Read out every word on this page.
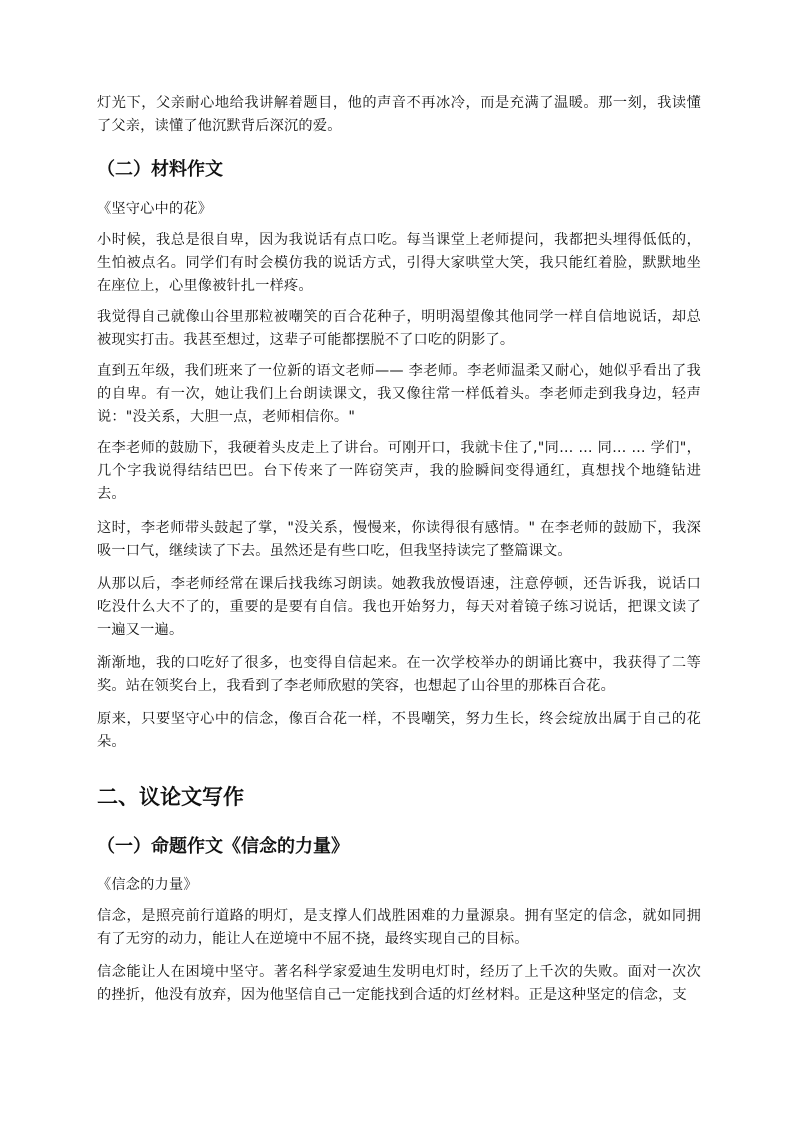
灯光下，父亲耐心地给我讲解着题目，他的声音不再冰冷，而是充满了温暖。那一刻，我读懂了父亲，读懂了他沉默背后深沉的爱。

（二）材料作文

《坚守心中的花》

小时候，我总是很自卑，因为我说话有点口吃。每当课堂上老师提问，我都把头埋得低低的，生怕被点名。同学们有时会模仿我的说话方式，引得大家哄堂大笑，我只能红着脸，默默地坐在座位上，心里像被针扎一样疼。

我觉得自己就像山谷里那粒被嘲笑的百合花种子，明明渴望像其他同学一样自信地说话，却总被现实打击。我甚至想过，这辈子可能都摆脱不了口吃的阴影了。

直到五年级，我们班来了一位新的语文老师—— 李老师。李老师温柔又耐心，她似乎看出了我的自卑。有一次，她让我们上台朗读课文，我又像往常一样低着头。李老师走到我身边，轻声说："没关系，大胆一点，老师相信你。"

在李老师的鼓励下，我硬着头皮走上了讲台。可刚开口，我就卡住了,"同… … 同… … 学们"，几个字我说得结结巴巴。台下传来了一阵窃笑声，我的脸瞬间变得通红，真想找个地缝钻进去。

这时，李老师带头鼓起了掌，"没关系，慢慢来，你读得很有感情。" 在李老师的鼓励下，我深吸一口气，继续读了下去。虽然还是有些口吃，但我坚持读完了整篇课文。

从那以后，李老师经常在课后找我练习朗读。她教我放慢语速，注意停顿，还告诉我，说话口吃没什么大不了的，重要的是要有自信。我也开始努力，每天对着镜子练习说话，把课文读了一遍又一遍。

渐渐地，我的口吃好了很多，也变得自信起来。在一次学校举办的朗诵比赛中，我获得了二等奖。站在领奖台上，我看到了李老师欣慰的笑容，也想起了山谷里的那株百合花。

原来，只要坚守心中的信念，像百合花一样，不畏嘲笑，努力生长，终会绽放出属于自己的花朵。

二、议论文写作
（一）命题作文《信念的力量》

《信念的力量》

信念，是照亮前行道路的明灯，是支撑人们战胜困难的力量源泉。拥有坚定的信念，就如同拥有了无穷的动力，能让人在逆境中不屈不挠，最终实现自己的目标。

信念能让人在困境中坚守。著名科学家爱迪生发明电灯时，经历了上千次的失败。面对一次次的挫折，他没有放弃，因为他坚信自己一定能找到合适的灯丝材料。正是这种坚定的信念，支
